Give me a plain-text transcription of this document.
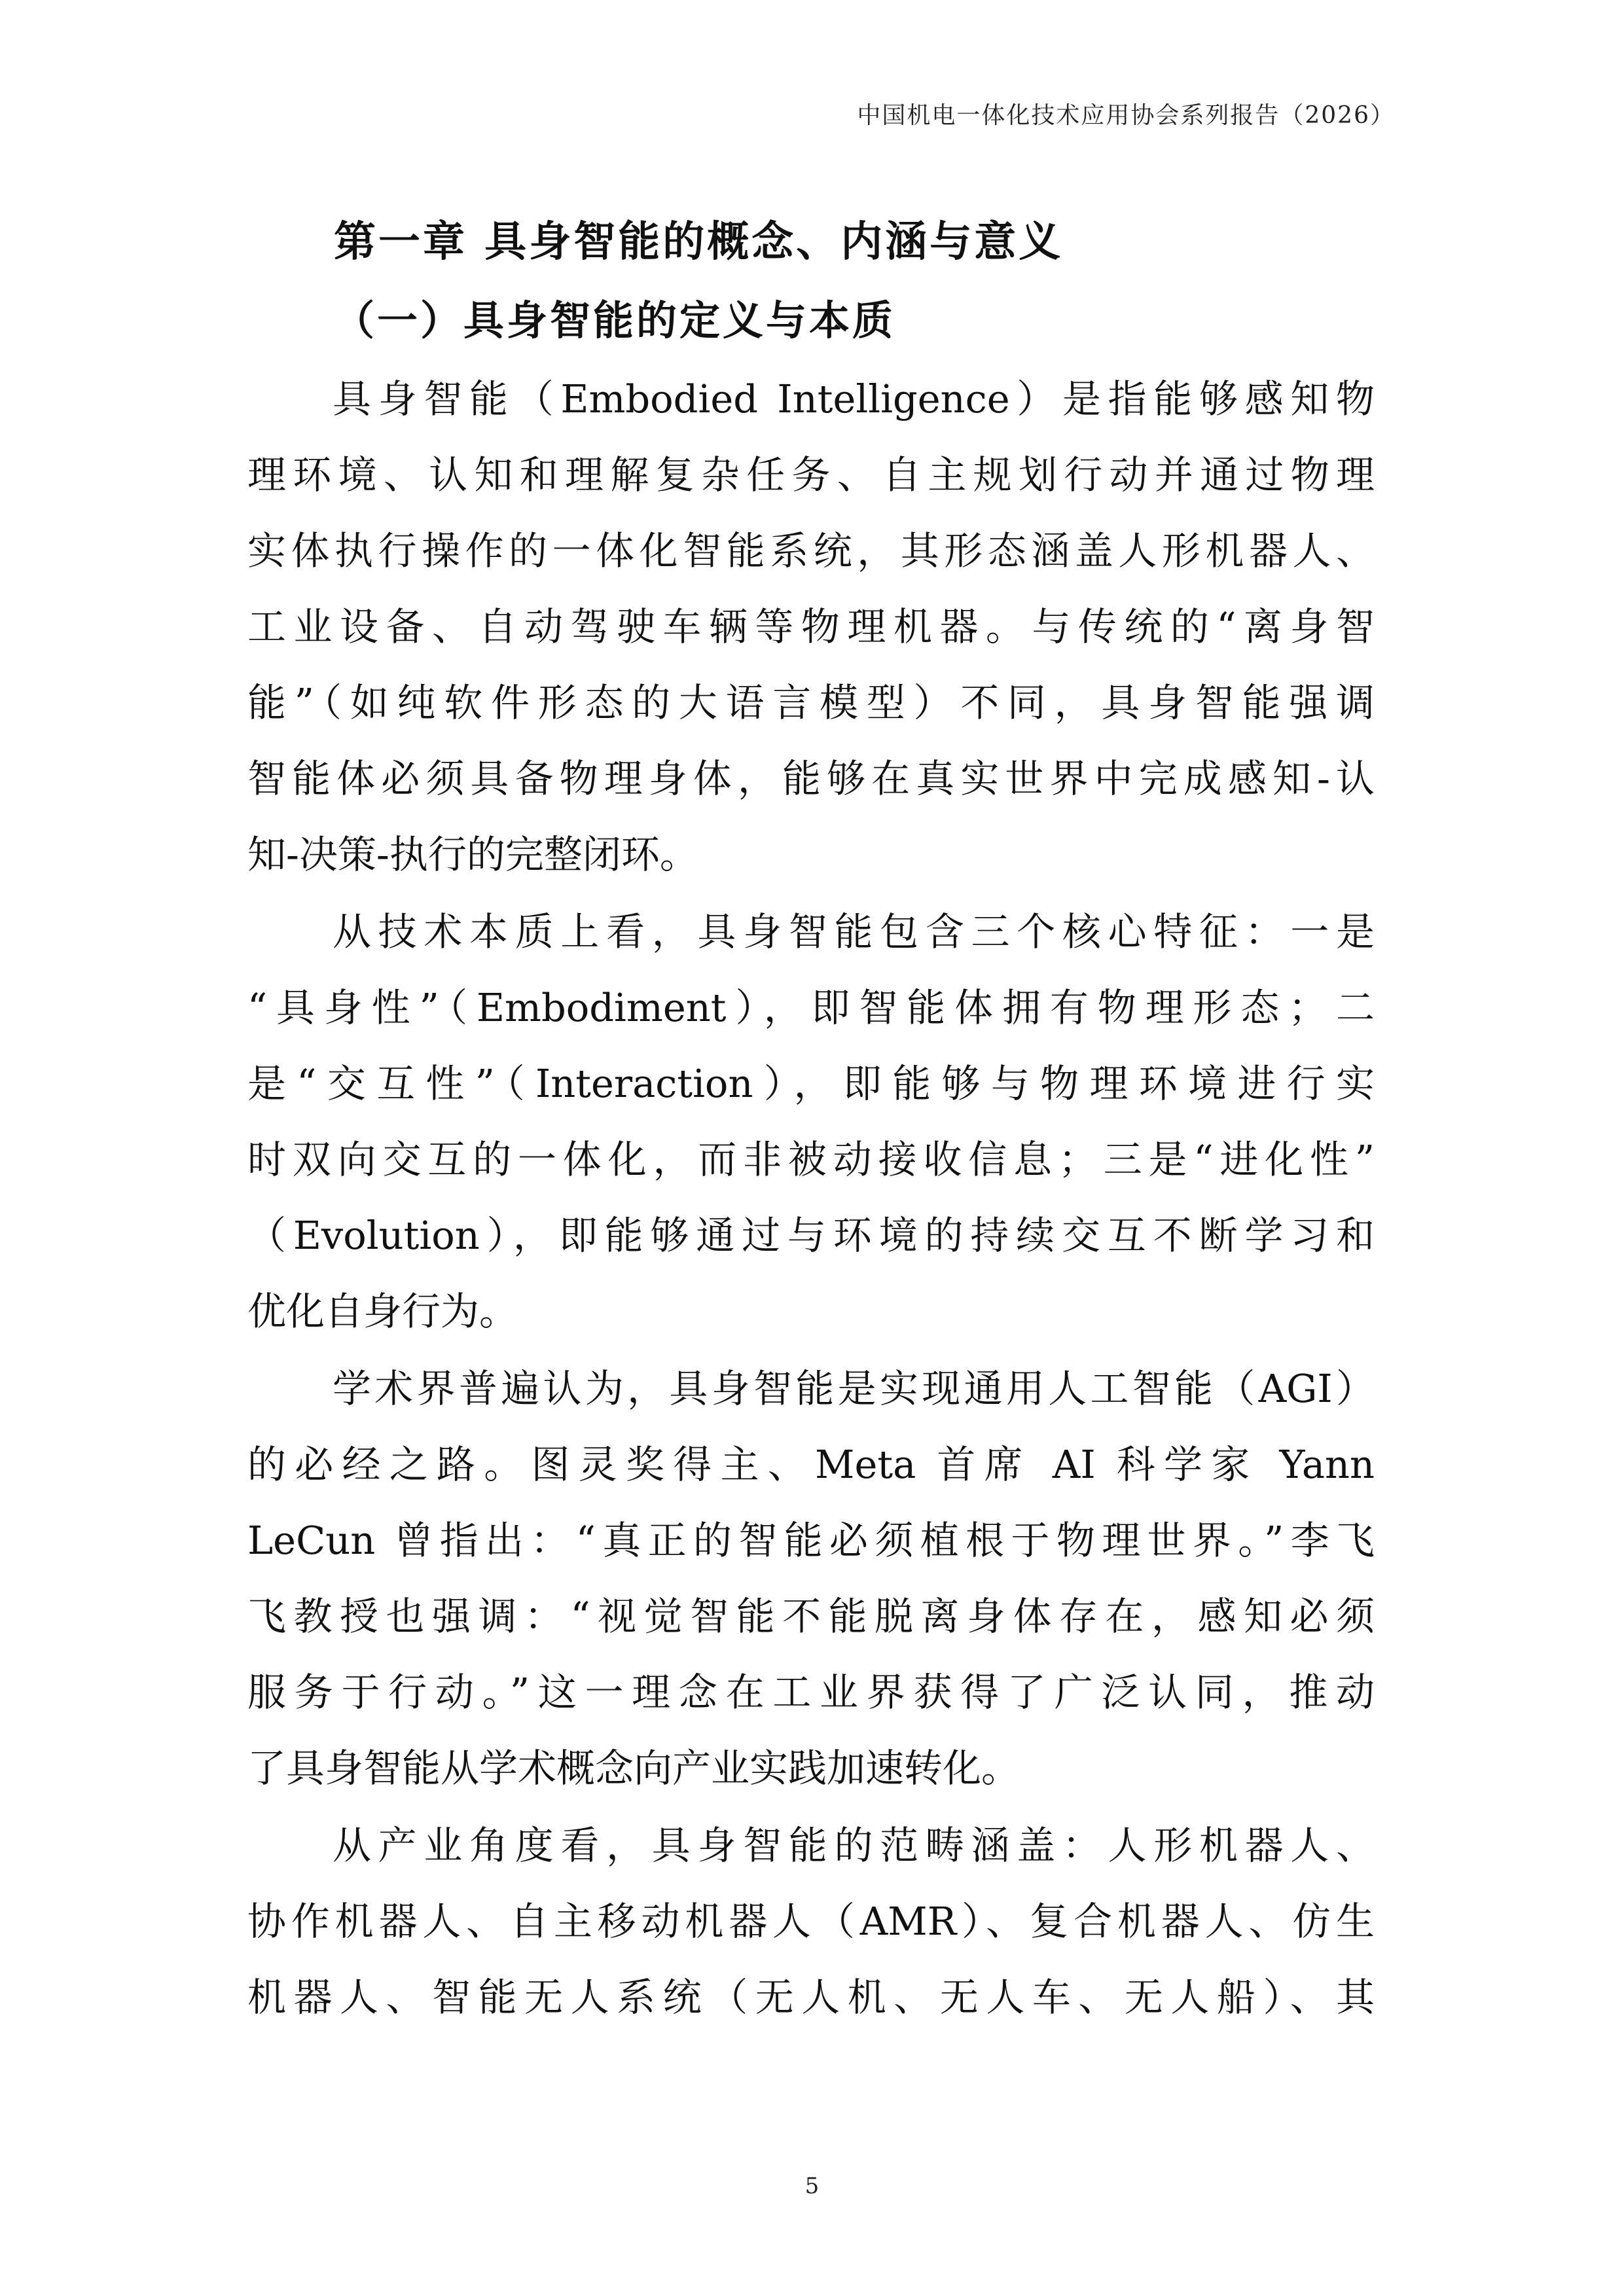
中国机电一体化技术应用协会系列报告（2026）
第一章 具身智能的概念、内涵与意义
（一）具身智能的定义与本质
具身智能（Embodied Intelligence）是指能够感知物
理环境、认知和理解复杂任务、自主规划行动并通过物理
实体执行操作的一体化智能系统，其形态涵盖人形机器人、
工业设备、自动驾驶车辆等物理机器。与传统的“离身智
能”（如纯软件形态的大语言模型）不同，具身智能强调
智能体必须具备物理身体，能够在真实世界中完成感知-认
知-决策-执行的完整闭环。
从技术本质上看，具身智能包含三个核心特征：一是
“具身性”（Embodiment），即智能体拥有物理形态；二
是“交互性”（Interaction），即能够与物理环境进行实
时双向交互的一体化，而非被动接收信息；三是“进化性”
（Evolution），即能够通过与环境的持续交互不断学习和
优化自身行为。
学术界普遍认为，具身智能是实现通用人工智能（AGI）
的必经之路。图灵奖得主、Meta 首席 AI 科学家 Yann
LeCun 曾指出：“真正的智能必须植根于物理世界。”李飞
飞教授也强调：“视觉智能不能脱离身体存在，感知必须
服务于行动。”这一理念在工业界获得了广泛认同，推动
了具身智能从学术概念向产业实践加速转化。
从产业角度看，具身智能的范畴涵盖：人形机器人、
协作机器人、自主移动机器人（AMR）、复合机器人、仿生
机器人、智能无人系统（无人机、无人车、无人船）、其
5
